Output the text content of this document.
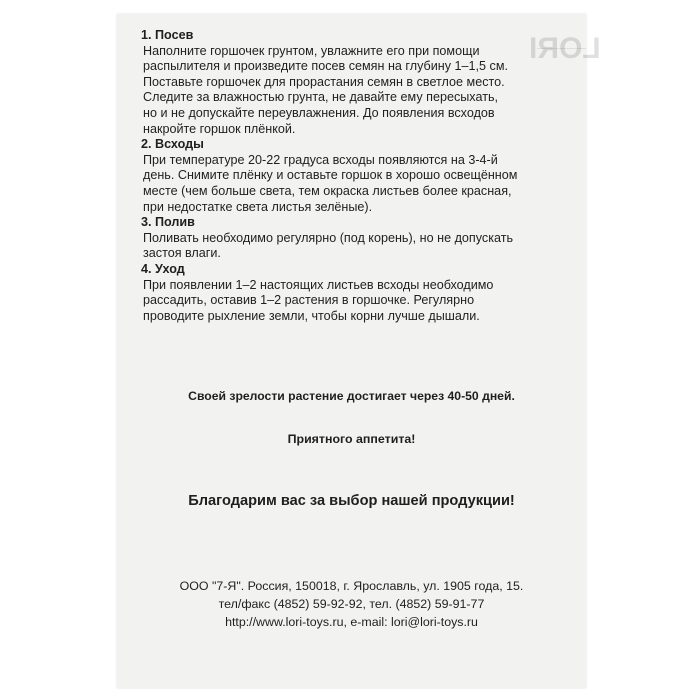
LORI

1. Посев

Наполните горшочек грунтом, увлажните его при помощи
распылителя и произведите посев семян на глубину 1–1,5 см.
Поставьте горшочек для прорастания семян в светлое место.
Следите за влажностью грунта, не давайте ему пересыхать,
но и не допускайте переувлажнения. До появления всходов
накройте горшок плёнкой.

2. Всходы

При температуре 20-22 градуса всходы появляются на 3-4-й
день. Снимите плёнку и оставьте горшок в хорошо освещённом
месте (чем больше света, тем окраска листьев более красная,
при недостатке света листья зелёные).

3. Полив

Поливать необходимо регулярно (под корень), но не допускать
застоя влаги.

4. Уход

При появлении 1–2 настоящих листьев всходы необходимо
рассадить, оставив 1–2 растения в горшочке. Регулярно
проводите рыхление земли, чтобы корни лучше дышали.

Своей зрелости растение достигает через 40-50 дней.
Приятного аппетита!
Благодарим вас за выбор нашей продукции!
ООО "7-Я". Россия, 150018, г. Ярославль, ул. 1905 года, 15.
тел/факс (4852) 59-92-92, тел. (4852) 59-91-77
http://www.lori-toys.ru, e-mail: lori@lori-toys.ru
